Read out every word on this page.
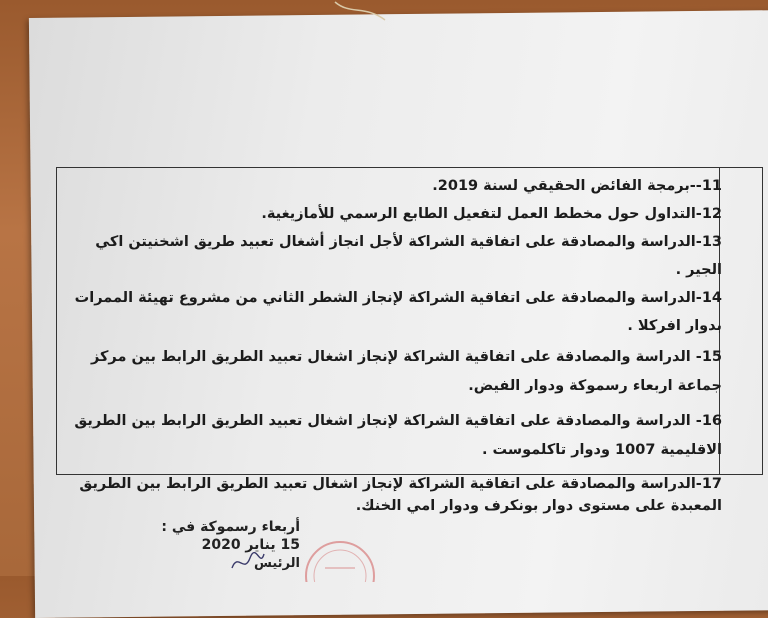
11--برمجة الفائض الحقيقي لسنة 2019.

12-التداول حول مخطط العمل لتفعيل الطابع الرسمي للأمازيغية.

13-الدراسة والمصادقة على اتفاقية الشراكة لأجل انجاز أشغال تعبيد طريق اشخنيتن اكي الجير .

14-الدراسة والمصادقة على اتفاقية الشراكة لإنجاز الشطر الثاني من مشروع تهيئة الممرات بدوار افركلا .

15- الدراسة والمصادقة على اتفاقية الشراكة لإنجاز اشغال تعبيد الطريق الرابط بين مركز جماعة اربعاء رسموكة ودوار الفيض.

16- الدراسة والمصادقة على اتفاقية الشراكة لإنجاز اشغال تعبيد الطريق الرابط بين الطريق الاقليمية 1007 ودوار تاكلموست .

17-الدراسة والمصادقة على اتفاقية الشراكة لإنجاز اشغال تعبيد الطريق الرابط بين الطريق المعبدة على مستوى دوار بونكرف ودوار امي الخنك.

أربعاء رسموكة في : 15 يناير 2020
الرئيس
